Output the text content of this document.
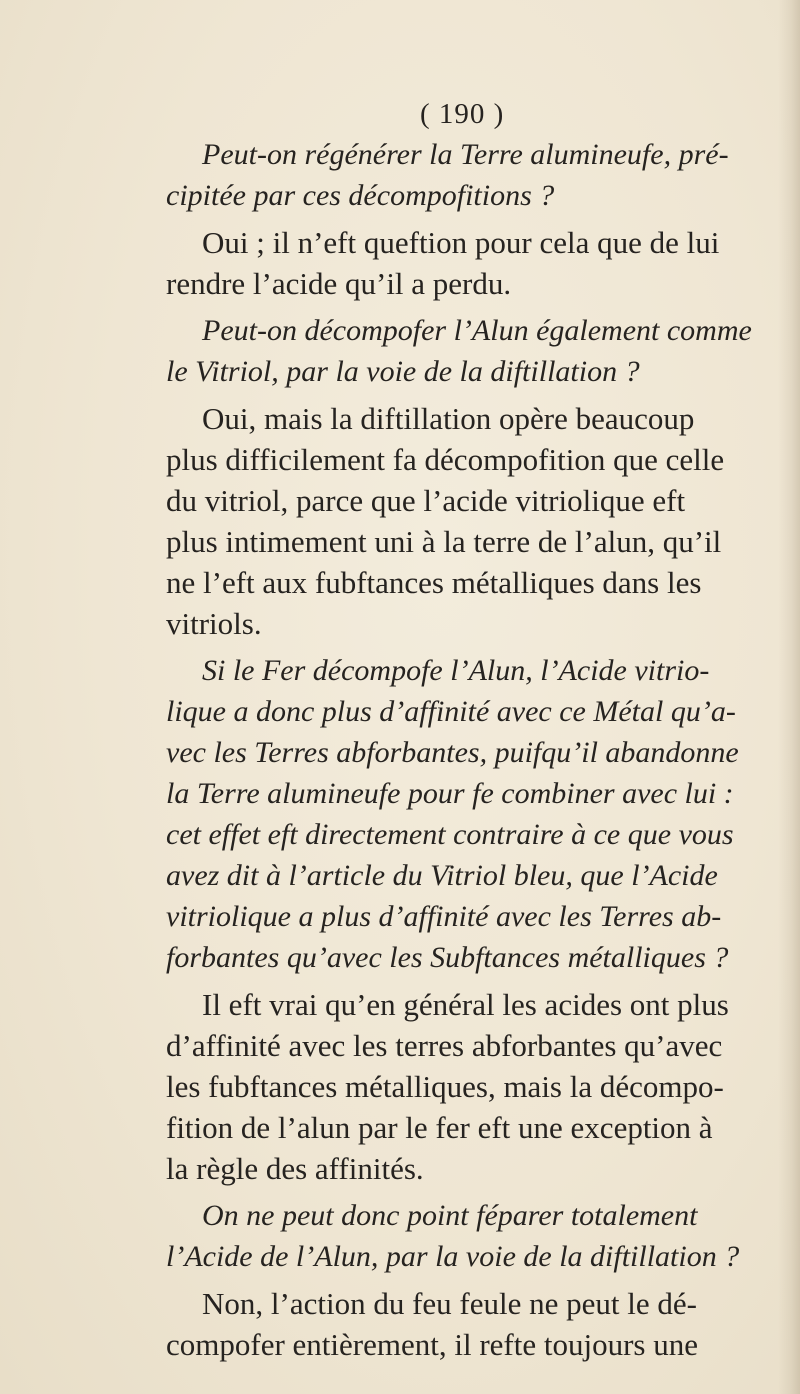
( 190 )
Peut-on régénérer la Terre alumineufe, pré-
cipitée par ces décompofitions ?
Oui ; il n’eft queftion pour cela que de lui
rendre l’acide qu’il a perdu.
Peut-on décompofer l’Alun également comme
le Vitriol, par la voie de la diftillation ?
Oui, mais la diftillation opère beaucoup
plus difficilement fa décompofition que celle
du vitriol, parce que l’acide vitriolique eft
plus intimement uni à la terre de l’alun, qu’il
ne l’eft aux fubftances métalliques dans les
vitriols.
Si le Fer décompofe l’Alun, l’Acide vitrio-
lique a donc plus d’affinité avec ce Métal qu’a-
vec les Terres abforbantes, puifqu’il abandonne
la Terre alumineufe pour fe combiner avec lui :
cet effet eft directement contraire à ce que vous
avez dit à l’article du Vitriol bleu, que l’Acide
vitriolique a plus d’affinité avec les Terres ab-
forbantes qu’avec les Subftances métalliques ?
Il eft vrai qu’en général les acides ont plus
d’affinité avec les terres abforbantes qu’avec
les fubftances métalliques, mais la décompo-
fition de l’alun par le fer eft une exception à
la règle des affinités.
On ne peut donc point féparer totalement
l’Acide de l’Alun, par la voie de la diftillation ?
Non, l’action du feu feule ne peut le dé-
compofer entièrement, il refte toujours une
